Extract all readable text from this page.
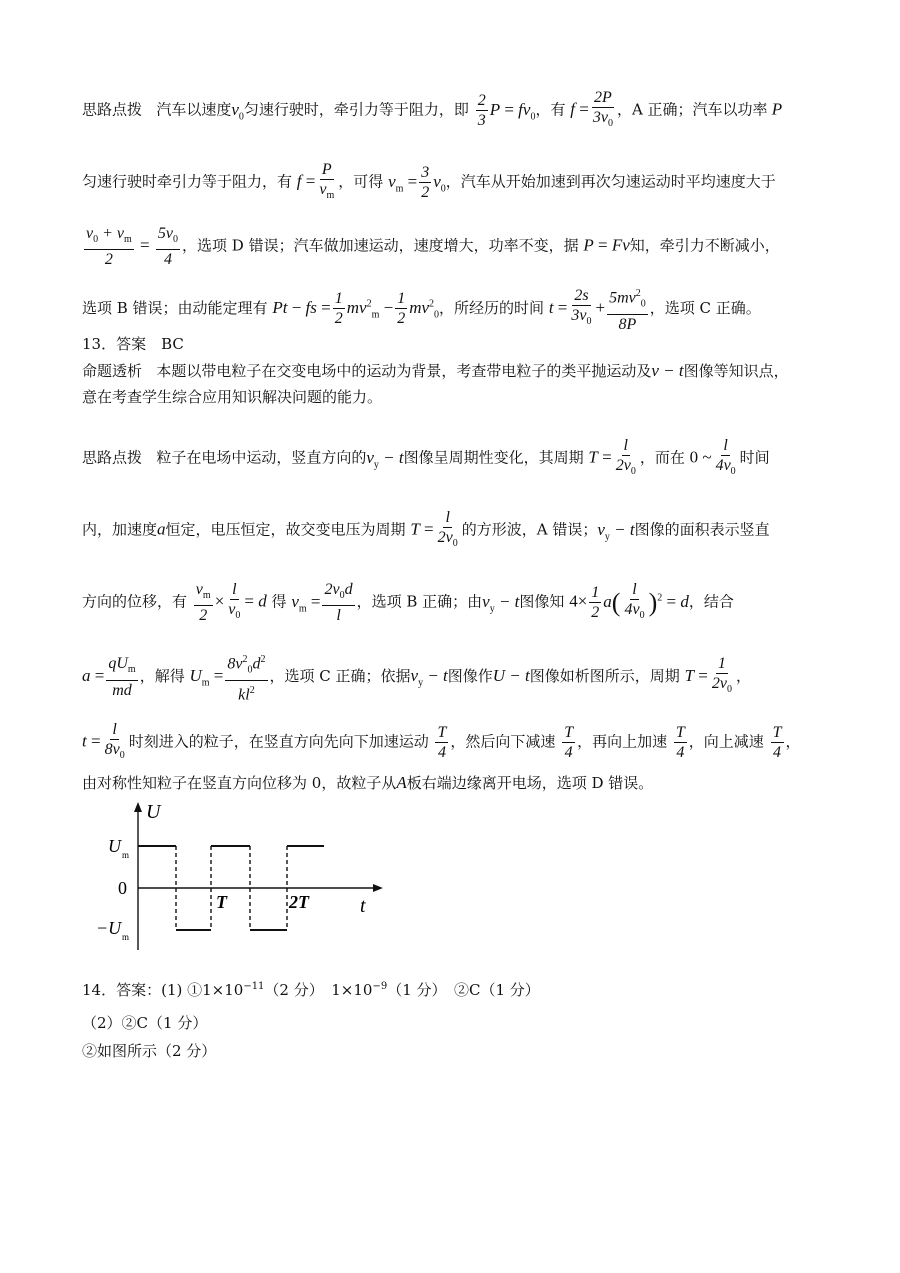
思路点拨 汽车以速度$v_0$匀速行驶时，牵引力等于阻力，即 $\frac{2}{3}$ $P = fv_0$，有 $f = \frac{2P}{3v_0}$ ，A 正确；汽车以功率 P
匀速行驶时牵引力等于阻力，有 $f = \frac{P}{v_m}$ ，可得 $v_m = \frac{3}{2} v_0$，汽车从开始加速到再次匀速运动时平均速度大于
$\frac{v_0 + v_m}{2} = \frac{5v_0}{4}$ ，选项 D 错误；汽车做加速运动，速度增大，功率不变，据 P = Fv知，牵引力不断减小，
选项 B 错误；由动能定理有 Pt − fs = $\frac{1}{2} mv^2_m - \frac{1}{2} mv^2_0$，所经历的时间 $t = \frac{2s}{3v_0} + \frac{5mv^2_0}{8P}$ ，选项 C 正确。
13．答案　BC
命题透析 本题以带电粒子在交变电场中的运动为背景，考查带电粒子的类平抛运动及v − t图像等知识点，
意在考查学生综合应用知识解决问题的能力。
思路点拨 粒子在电场中运动，竖直方向的$v_y - t$图像呈周期性变化，其周期 $T = \frac{l}{2v_0}$ ，而在 0 ~ $\frac{l}{4v_0}$ 时间
内，加速度a恒定，电压恒定，故交变电压为周期 $T = \frac{l}{2v_0}$ 的方形波，A 错误；$v_y - t$图像的面积表示竖直
方向的位移，有 $\frac{v_m}{2} \times \frac{l}{v_0} = d$ 得 $v_m = \frac{2v_0d}{l}$ ，选项 B 正确；由$v_y - t$图像知 $4\times \frac{1}{2} a( \frac{l}{4v_0} )^2 = d$，结合
a =
$qU_m$
md
，解得 $U_m = \frac{8v^2_0d^2}{kl^2}$ ，选项 C 正确；依据$v_y - t$图像作U − t图像如析图所示，周期 $T = \frac{1}{2v_0}$ ，
$t = \frac{l}{8v_0}$ 时刻进入的粒子，在竖直方向先向下加速运动 $\frac{T}{4}$ ，然后向下减速 $\frac{T}{4}$ ，再向上加速 $\frac{T}{4}$ ，向上减速 $\frac{T}{4}$ ，
由对称性知粒子在竖直方向位移为 0，故粒子从A板右端边缘离开电场，选项 D 错误。
U
t
U m
0
−U m
T	2T
14．答案：(1) $①1\times 10^{-11}(2$ 分）　$1\times 10^{-9}(1$ 分）　②C（1 分）
（2）②C（1 分）
②如图所示（2 分）
